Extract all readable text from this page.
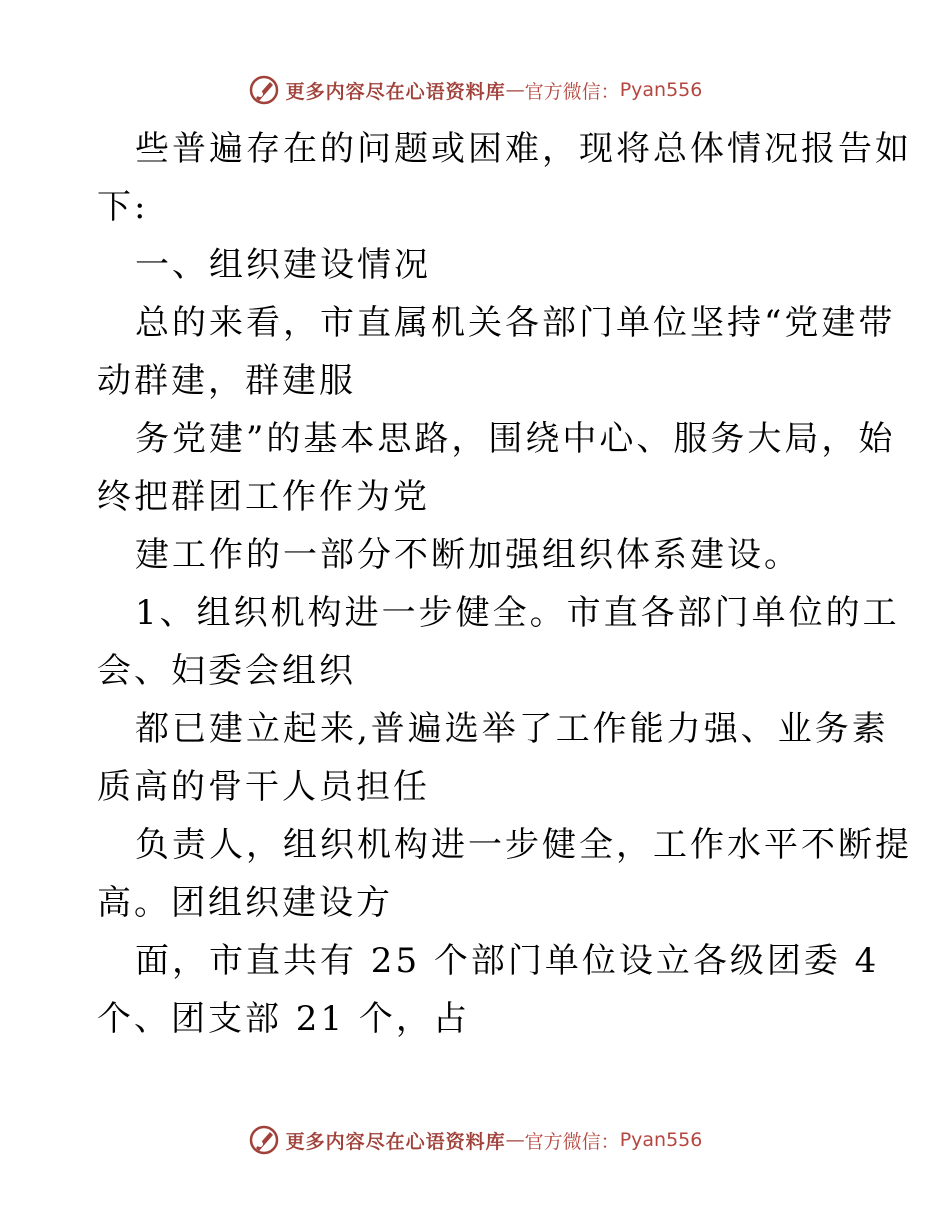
更多内容尽在心语资料库 — 官方微信： Pyan556
些普遍存在的问题或困难，现将总体情况报告如
下:
一、组织建设情况
总的来看，市直属机关各部门单位坚持“党建带
动群建，群建服
务党建”的基本思路，围绕中心、服务大局，始
终把群团工作作为党
建工作的一部分不断加强组织体系建设。
1、组织机构进一步健全。市直各部门单位的工
会、妇委会组织
都已建立起来,普遍选举了工作能力强、业务素
质高的骨干人员担任
负责人，组织机构进一步健全，工作水平不断提
高。团组织建设方
面，市直共有 25 个部门单位设立各级团委 4
个、团支部 21 个，占
更多内容尽在心语资料库 — 官方微信： Pyan556
